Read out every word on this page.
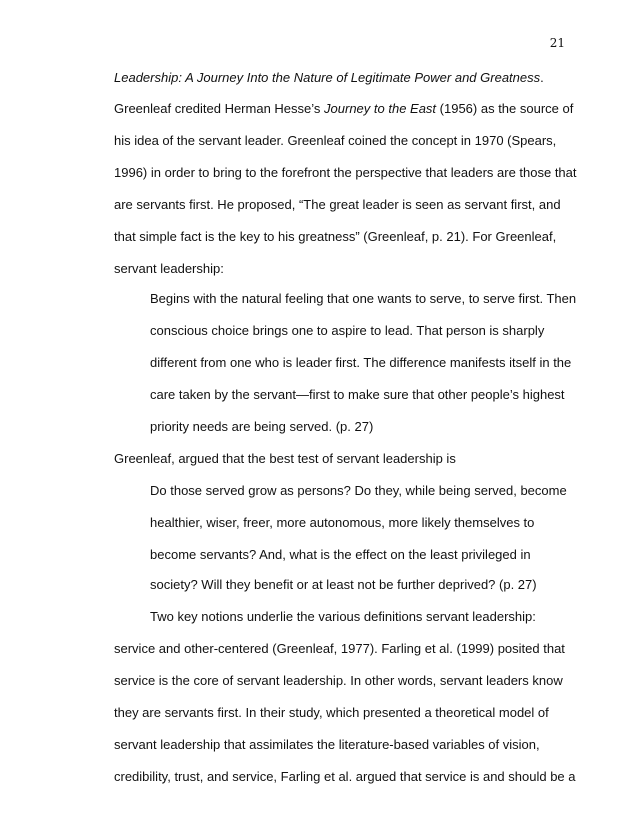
21
Leadership: A Journey Into the Nature of Legitimate Power and Greatness.
Greenleaf credited Herman Hesse’s Journey to the East (1956) as the source of
his idea of the servant leader. Greenleaf coined the concept in 1970 (Spears,
1996) in order to bring to the forefront the perspective that leaders are those that
are servants first. He proposed, “The great leader is seen as servant first, and
that simple fact is the key to his greatness” (Greenleaf, p. 21). For Greenleaf,
servant leadership:
Begins with the natural feeling that one wants to serve, to serve first. Then
conscious choice brings one to aspire to lead. That person is sharply
different from one who is leader first. The difference manifests itself in the
care taken by the servant—first to make sure that other people’s highest
priority needs are being served. (p. 27)
Greenleaf, argued that the best test of servant leadership is
Do those served grow as persons? Do they, while being served, become
healthier, wiser, freer, more autonomous, more likely themselves to
become servants? And, what is the effect on the least privileged in
society? Will they benefit or at least not be further deprived? (p. 27)
Two key notions underlie the various definitions servant leadership:
service and other-centered (Greenleaf, 1977). Farling et al. (1999) posited that
service is the core of servant leadership. In other words, servant leaders know
they are servants first. In their study, which presented a theoretical model of
servant leadership that assimilates the literature-based variables of vision,
credibility, trust, and service, Farling et al. argued that service is and should be a
